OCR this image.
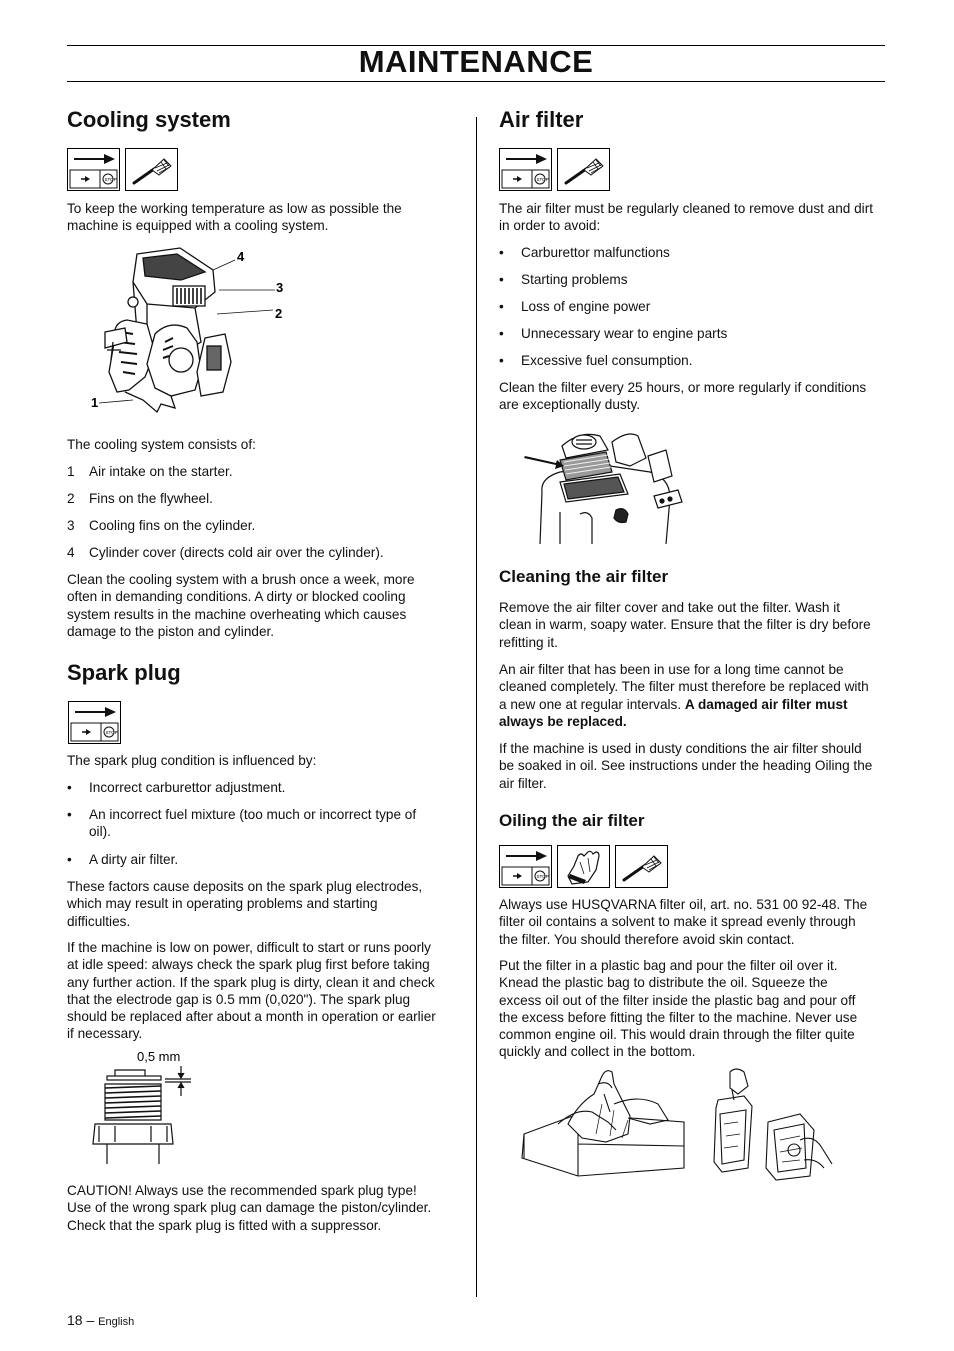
MAINTENANCE
Cooling system
STOP
To keep the working temperature as low as possible the machine is equipped with a cooling system.
4
3
2
1
The cooling system consists of:
1 Air intake on the starter.
2 Fins on the flywheel.
3 Cooling fins on the cylinder.
4 Cylinder cover (directs cold air over the cylinder).
Clean the cooling system with a brush once a week, more
often in demanding conditions. A dirty or blocked cooling
system results in the machine overheating which causes
damage to the piston and cylinder.
Spark plug
STOP
The spark plug condition is influenced by:
• Incorrect carburettor adjustment.
• An incorrect fuel mixture (too much or incorrect type of
oil).
• A dirty air filter.
These factors cause deposits on the spark plug electrodes,
which may result in operating problems and starting
difficulties.
If the machine is low on power, difficult to start or runs poorly
at idle speed: always check the spark plug first before taking
any further action. If the spark plug is dirty, clean it and check
that the electrode gap is 0.5 mm (0,020"). The spark plug
should be replaced after about a month in operation or earlier
if necessary.
0,5 mm
CAUTION! Always use the recommended spark plug type!
Use of the wrong spark plug can damage the piston/cylinder.
Check that the spark plug is fitted with a suppressor.
Air filter
STOP
The air filter must be regularly cleaned to remove dust and dirt
in order to avoid:
• Carburettor malfunctions
• Starting problems
• Loss of engine power
• Unnecessary wear to engine parts
• Excessive fuel consumption.
Clean the filter every 25 hours, or more regularly if conditions
are exceptionally dusty.
Cleaning the air filter
Remove the air filter cover and take out the filter. Wash it
clean in warm, soapy water. Ensure that the filter is dry before
refitting it.
An air filter that has been in use for a long time cannot be
cleaned completely. The filter must therefore be replaced with
a new one at regular intervals. A damaged air filter must
always be replaced.
If the machine is used in dusty conditions the air filter should
be soaked in oil. See instructions under the heading Oiling the
air filter.
Oiling the air filter
STOP
Always use HUSQVARNA filter oil, art. no. 531 00 92-48. The
filter oil contains a solvent to make it spread evenly through
the filter. You should therefore avoid skin contact.
Put the filter in a plastic bag and pour the filter oil over it.
Knead the plastic bag to distribute the oil. Squeeze the
excess oil out of the filter inside the plastic bag and pour off
the excess before fitting the filter to the machine. Never use
common engine oil. This would drain through the filter quite
quickly and collect in the bottom.
18 – English
